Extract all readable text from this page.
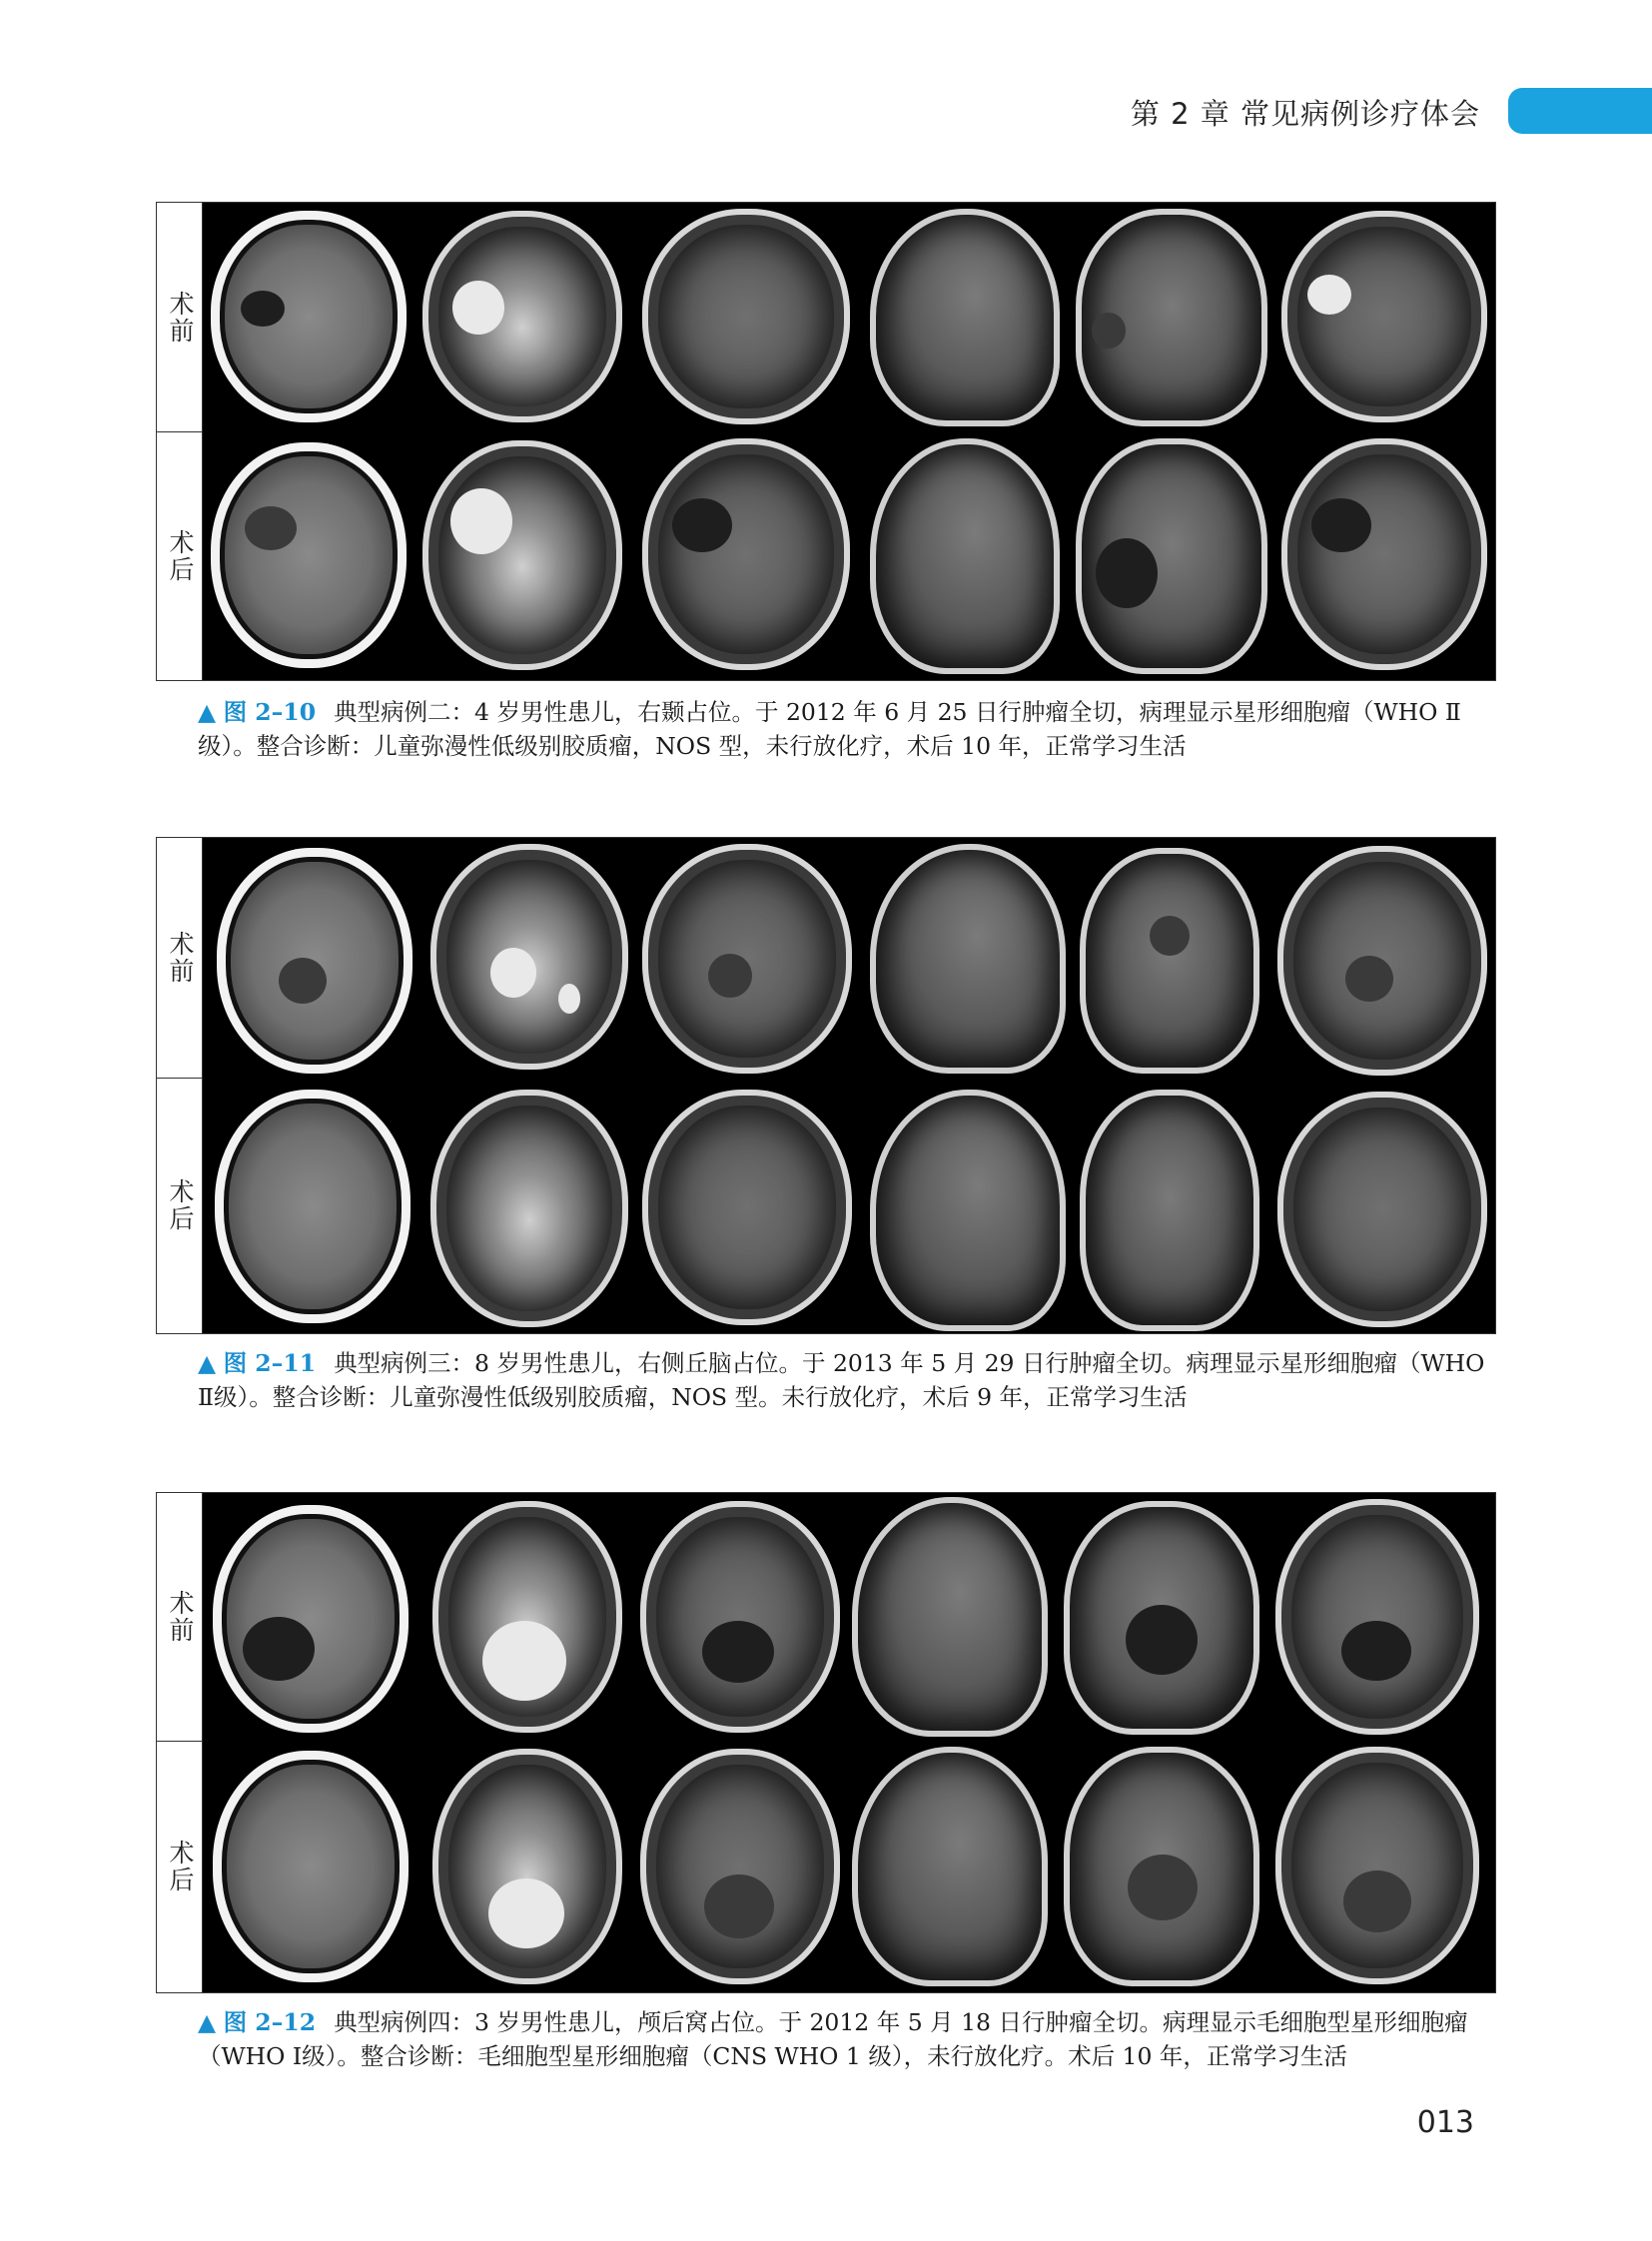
第 2 章 常见病例诊疗体会
术前
术后
▲ 图 2–10 典型病例二：4 岁男性患儿，右颞占位。于 2012 年 6 月 25 日行肿瘤全切，病理显示星形细胞瘤（WHO Ⅱ级）。整合诊断：儿童弥漫性低级别胶质瘤，NOS 型，未行放化疗，术后 10 年，正常学习生活
术前
术后
▲ 图 2–11 典型病例三：8 岁男性患儿，右侧丘脑占位。于 2013 年 5 月 29 日行肿瘤全切。病理显示星形细胞瘤（WHO Ⅱ级）。整合诊断：儿童弥漫性低级别胶质瘤，NOS 型。未行放化疗，术后 9 年，正常学习生活
术前
术后
▲ 图 2–12 典型病例四：3 岁男性患儿，颅后窝占位。于 2012 年 5 月 18 日行肿瘤全切。病理显示毛细胞型星形细胞瘤（WHO Ⅰ级）。整合诊断：毛细胞型星形细胞瘤（CNS WHO 1 级），未行放化疗。术后 10 年，正常学习生活
013
